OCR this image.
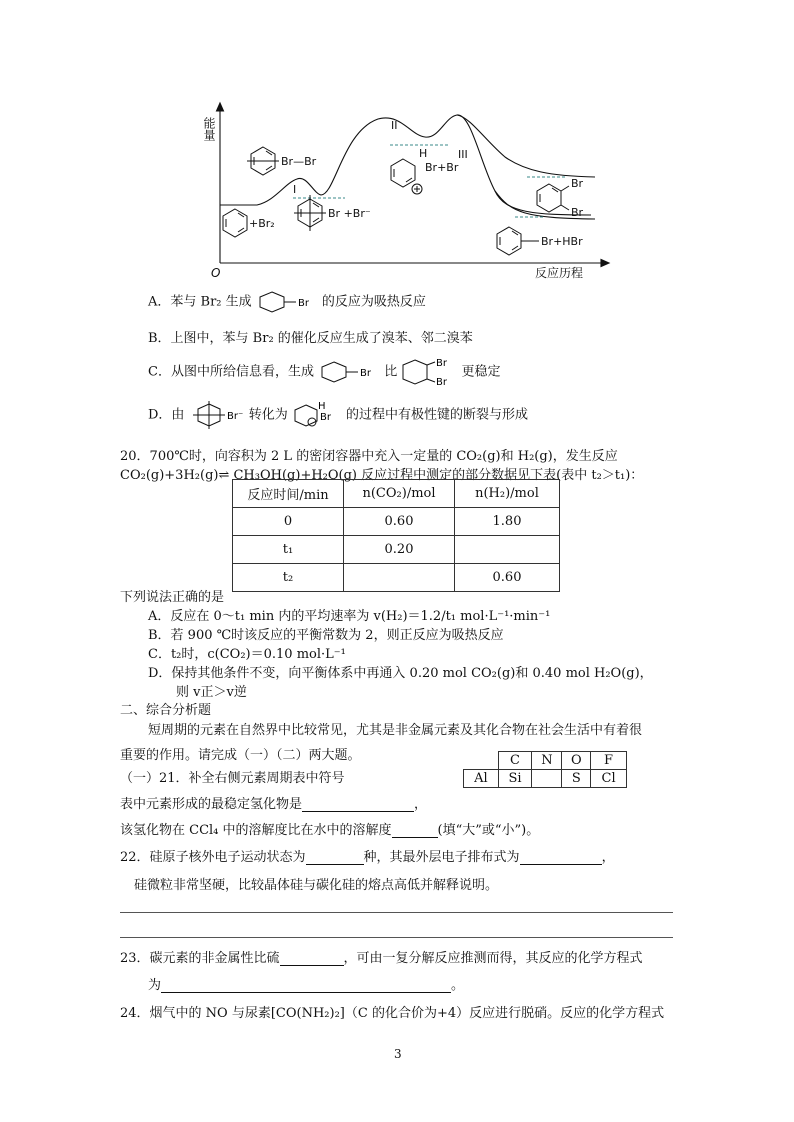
能量
O	反应历程
I
II
III
+Br₂
Br—Br
Br +Br⁻
H
Br+Br
Br
Br
Br+HBr
A．苯与 Br₂ 生成	Br 的反应为吸热反应
B．上图中，苯与 Br₂ 的催化反应生成了溴苯、邻二溴苯
C．从图中所给信息看，生成	Br 比
Br
Br
更稳定
D．由	Br⁻ 转化为
H
Br 的过程中有极性键的断裂与形成
20．700℃时，向容积为 2 L 的密闭容器中充入一定量的 CO₂(g)和 H₂(g)，发生反应
CO₂(g)+3H₂(g)⇌ CH₃OH(g)+H₂O(g) 反应过程中测定的部分数据见下表(表中 t₂＞t₁)：
反应时间/min	n(CO₂)/mol	n(H₂)/mol
0	0.60	1.80
t₁	0.20	
t₂		0.60
下列说法正确的是
A．反应在 0～t₁ min 内的平均速率为 v(H₂)＝1.2/t₁ mol·L⁻¹·min⁻¹
B．若 900 ℃时该反应的平衡常数为 2，则正反应为吸热反应
C．t₂时，c(CO₂)＝0.10 mol·L⁻¹
D．保持其他条件不变，向平衡体系中再通入 0.20 mol CO₂(g)和 0.40 mol H₂O(g)，
则 v正＞v逆
二、综合分析题
短周期的元素在自然界中比较常见，尤其是非金属元素及其化合物在社会生活中有着很
重要的作用。请完成（一）（二）两大题。
（一）21．补全右侧元素周期表中符号
	C	N	O	F
Al	Si		S	Cl
表中元素形成的最稳定氢化物是	，
该氢化物在 CCl₄ 中的溶解度比在水中的溶解度	(填“大”或“小”)。
22．硅原子核外电子运动状态为	种，其最外层电子排布式为	，
硅微粒非常坚硬，比较晶体硅与碳化硅的熔点高低并解释说明。
23．碳元素的非金属性比硫	，可由一复分解反应推测而得，其反应的化学方程式
为	。
24．烟气中的 NO 与尿素[CO(NH₂)₂]（C 的化合价为+4）反应进行脱硝。反应的化学方程式
3
